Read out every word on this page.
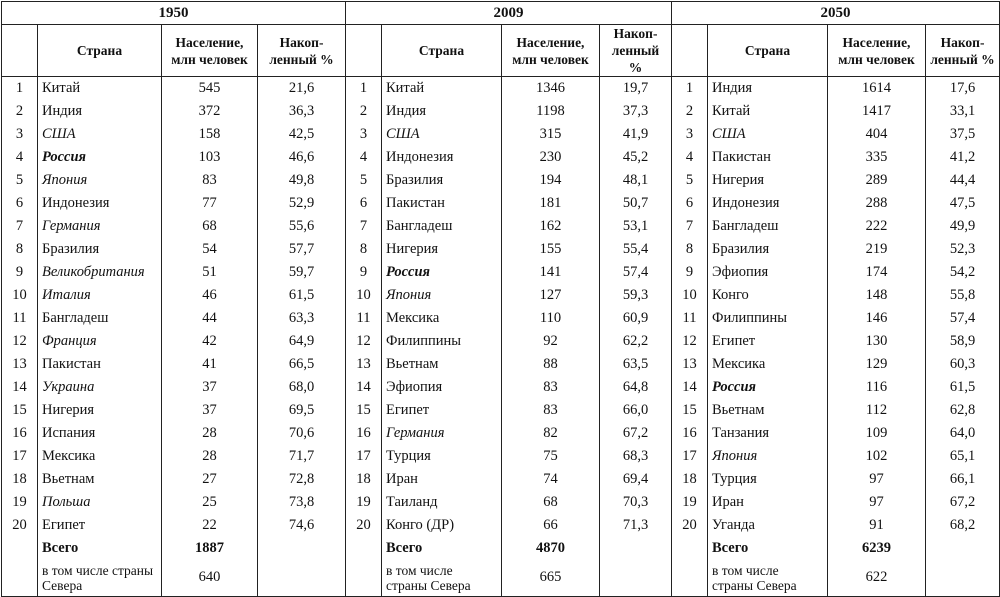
1950				2009				2050			
	Страна	Население, млн человек	Накоп-ленный %		Страна	Население, млн человек	Накоп-ленный %		Страна	Население, млн человек	Накоп-ленный %
1	Китай	545	21,6	1	Китай	1346	19,7	1	Индия	1614	17,6
2	Индия	372	36,3	2	Индия	1198	37,3	2	Китай	1417	33,1
3	США	158	42,5	3	США	315	41,9	3	США	404	37,5
4	Россия	103	46,6	4	Индонезия	230	45,2	4	Пакистан	335	41,2
5	Япония	83	49,8	5	Бразилия	194	48,1	5	Нигерия	289	44,4
6	Индонезия	77	52,9	6	Пакистан	181	50,7	6	Индонезия	288	47,5
7	Германия	68	55,6	7	Бангладеш	162	53,1	7	Бангладеш	222	49,9
8	Бразилия	54	57,7	8	Нигерия	155	55,4	8	Бразилия	219	52,3
9	Великобритания	51	59,7	9	Россия	141	57,4	9	Эфиопия	174	54,2
10	Италия	46	61,5	10	Япония	127	59,3	10	Конго	148	55,8
11	Бангладеш	44	63,3	11	Мексика	110	60,9	11	Филиппины	146	57,4
12	Франция	42	64,9	12	Филиппины	92	62,2	12	Египет	130	58,9
13	Пакистан	41	66,5	13	Вьетнам	88	63,5	13	Мексика	129	60,3
14	Украина	37	68,0	14	Эфиопия	83	64,8	14	Россия	116	61,5
15	Нигерия	37	69,5	15	Египет	83	66,0	15	Вьетнам	112	62,8
16	Испания	28	70,6	16	Германия	82	67,2	16	Танзания	109	64,0
17	Мексика	28	71,7	17	Турция	75	68,3	17	Япония	102	65,1
18	Вьетнам	27	72,8	18	Иран	74	69,4	18	Турция	97	66,1
19	Польша	25	73,8	19	Таиланд	68	70,3	19	Иран	97	67,2
20	Египет	22	74,6	20	Конго (ДР)	66	71,3	20	Уганда	91	68,2
	Всего	1887			Всего	4870			Всего	6239	

	в том числе страны Севера	640			в том числе страны Севера	665			в том числе страны Севера	622	
